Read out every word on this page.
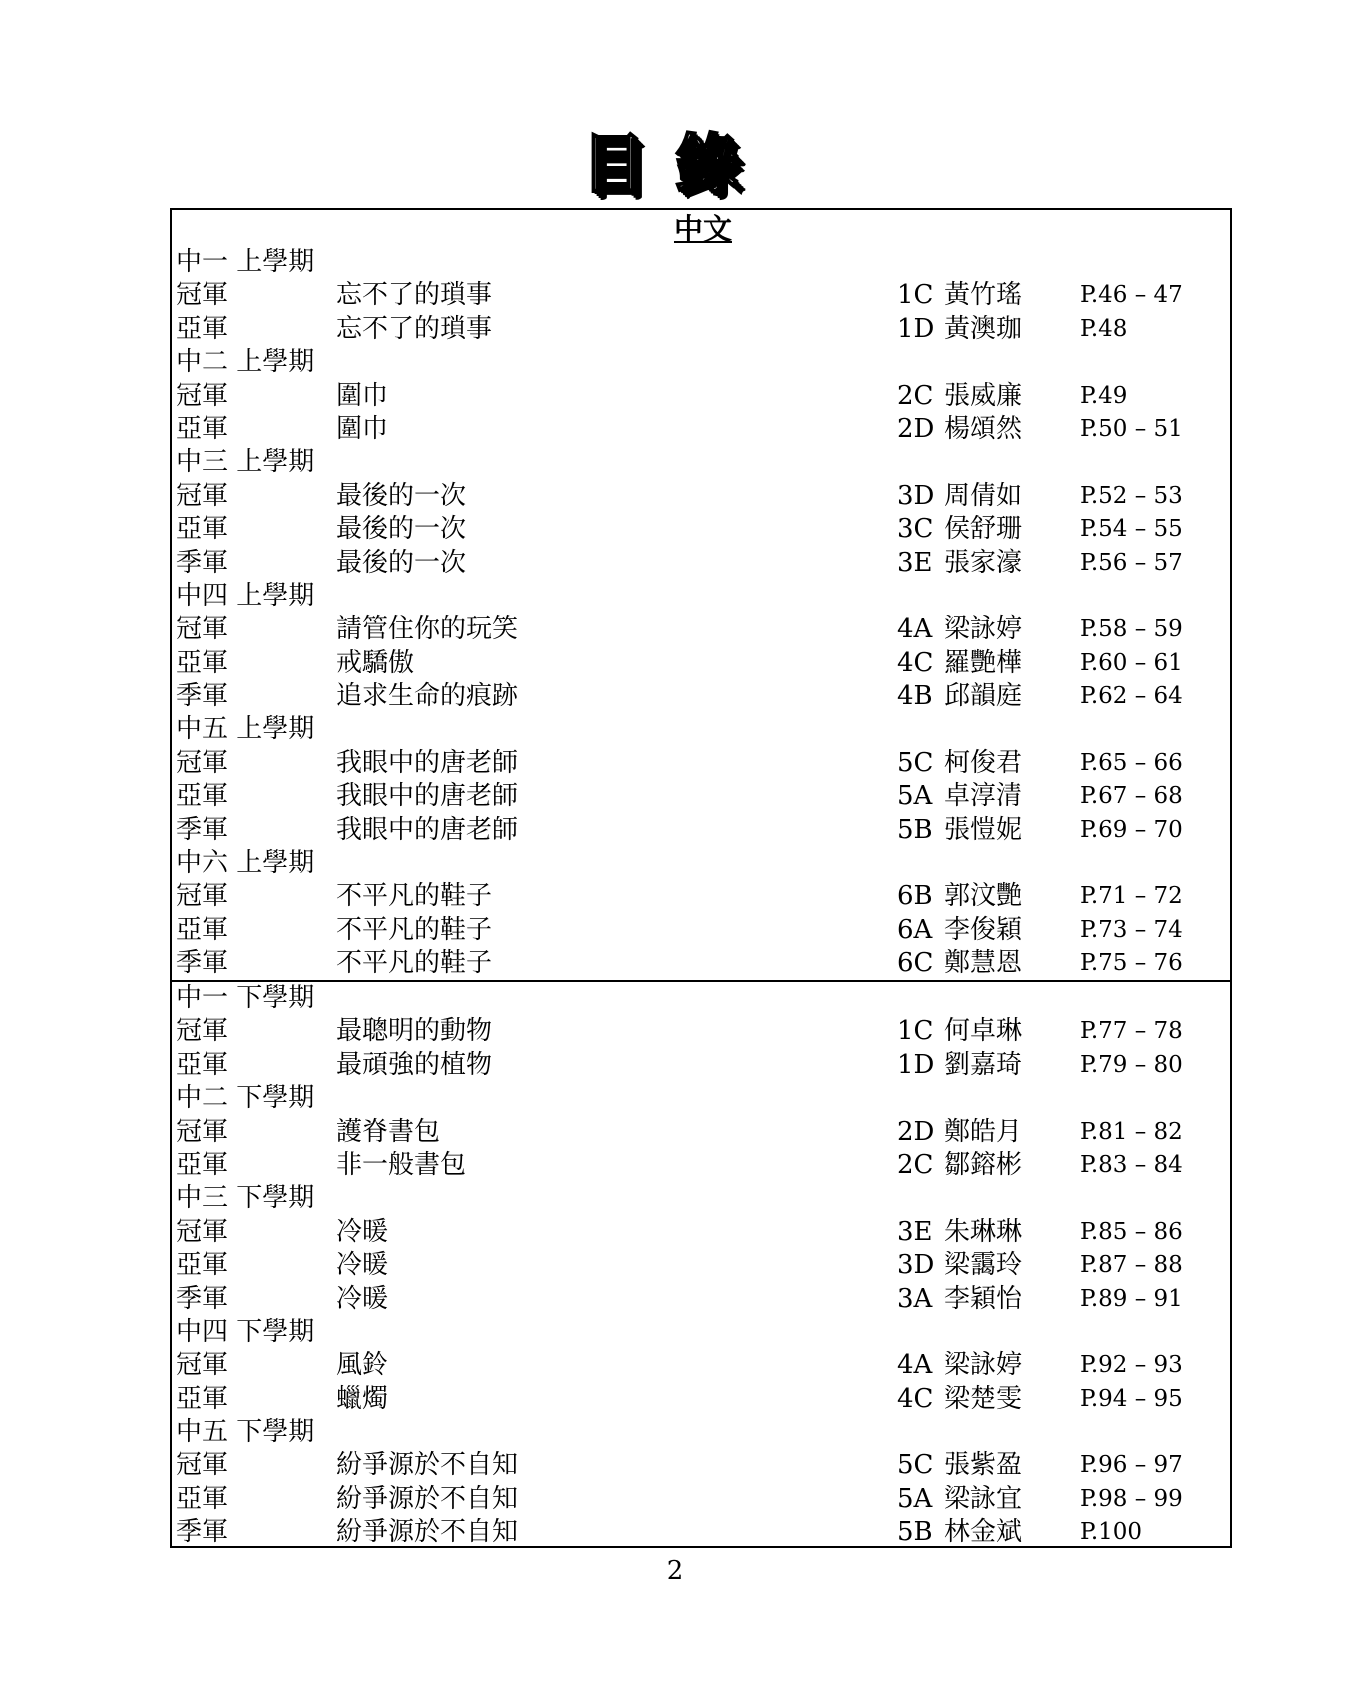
目錄
中文
中一 上學期
冠軍	忘不了的瑣事	1C 黃竹瑤	P.46 – 47
亞軍	忘不了的瑣事	1D 黃澳珈	P.48
中二 上學期
冠軍	圍巾	2C 張威廉	P.49
亞軍	圍巾	2D 楊頌然	P.50 – 51
中三 上學期
冠軍	最後的一次	3D 周倩如	P.52 – 53
亞軍	最後的一次	3C 侯舒珊	P.54 – 55
季軍	最後的一次	3E 張家濠	P.56 – 57
中四 上學期
冠軍	請管住你的玩笑	4A 梁詠婷	P.58 – 59
亞軍	戒驕傲	4C 羅艷樺	P.60 – 61
季軍	追求生命的痕跡	4B 邱韻庭	P.62 – 64
中五 上學期
冠軍	我眼中的唐老師	5C 柯俊君	P.65 – 66
亞軍	我眼中的唐老師	5A 卓淳清	P.67 – 68
季軍	我眼中的唐老師	5B 張愷妮	P.69 – 70
中六 上學期
冠軍	不平凡的鞋子	6B 郭汶艷	P.71 – 72
亞軍	不平凡的鞋子	6A 李俊穎	P.73 – 74
季軍	不平凡的鞋子	6C 鄭慧恩	P.75 – 76
中一 下學期
冠軍	最聰明的動物	1C 何卓琳	P.77 – 78
亞軍	最頑強的植物	1D 劉嘉琦	P.79 – 80
中二 下學期
冠軍	護脊書包	2D 鄭皓月	P.81 – 82
亞軍	非一般書包	2C 鄒鎔彬	P.83 – 84
中三 下學期
冠軍	冷暖	3E 朱琳琳	P.85 – 86
亞軍	冷暖	3D 梁靄玲	P.87 – 88
季軍	冷暖	3A 李穎怡	P.89 – 91
中四 下學期
冠軍	風鈴	4A 梁詠婷	P.92 – 93
亞軍	蠟燭	4C 梁楚雯	P.94 – 95
中五 下學期
冠軍	紛爭源於不自知	5C 張紫盈	P.96 – 97
亞軍	紛爭源於不自知	5A 梁詠宜	P.98 – 99
季軍	紛爭源於不自知	5B 林金斌	P.100
2
